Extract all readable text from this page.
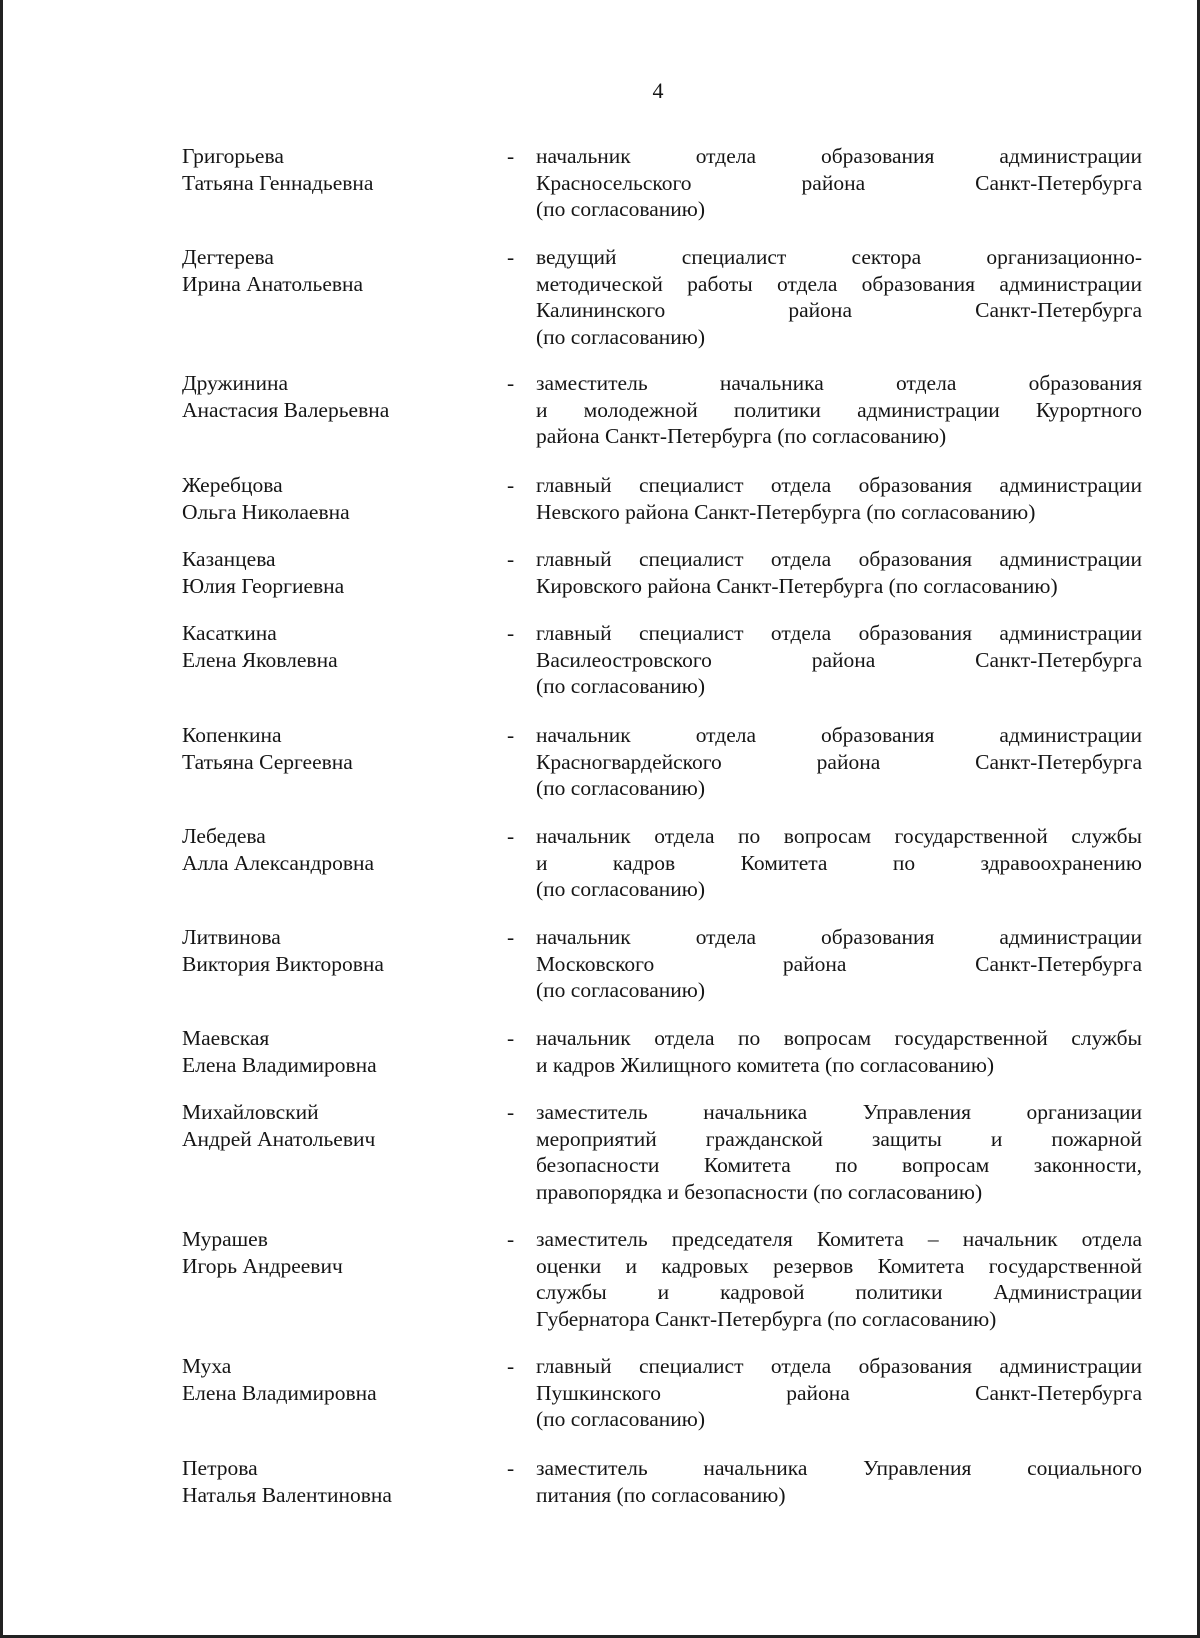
4
Григорьева
Татьяна Геннадьевна
- начальник отдела образования администрации
Красносельского района Санкт-Петербурга
(по согласованию)
Дегтерева
Ирина Анатольевна
- ведущий специалист сектора организационно-
методической работы отдела образования администрации
Калининского района Санкт-Петербурга
(по согласованию)
Дружинина
Анастасия Валерьевна
- заместитель начальника отдела образования
и молодежной политики администрации Курортного
района Санкт-Петербурга (по согласованию)
Жеребцова
Ольга Николаевна
- главный специалист отдела образования администрации
Невского района Санкт-Петербурга (по согласованию)
Казанцева
Юлия Георгиевна
- главный специалист отдела образования администрации
Кировского района Санкт-Петербурга (по согласованию)
Касаткина
Елена Яковлевна
- главный специалист отдела образования администрации
Василеостровского района Санкт-Петербурга
(по согласованию)
Копенкина
Татьяна Сергеевна
- начальник отдела образования администрации
Красногвардейского района Санкт-Петербурга
(по согласованию)
Лебедева
Алла Александровна
- начальник отдела по вопросам государственной службы
и кадров Комитета по здравоохранению
(по согласованию)
Литвинова
Виктория Викторовна
- начальник отдела образования администрации
Московского района Санкт-Петербурга
(по согласованию)
Маевская
Елена Владимировна
- начальник отдела по вопросам государственной службы
и кадров Жилищного комитета (по согласованию)
Михайловский
Андрей Анатольевич
- заместитель начальника Управления организации
мероприятий гражданской защиты и пожарной
безопасности Комитета по вопросам законности,
правопорядка и безопасности (по согласованию)
Мурашев
Игорь Андреевич
- заместитель председателя Комитета – начальник отдела
оценки и кадровых резервов Комитета государственной
службы и кадровой политики Администрации
Губернатора Санкт-Петербурга (по согласованию)
Муха
Елена Владимировна
- главный специалист отдела образования администрации
Пушкинского района Санкт-Петербурга
(по согласованию)
Петрова
Наталья Валентиновна
- заместитель начальника Управления социального
питания (по согласованию)
